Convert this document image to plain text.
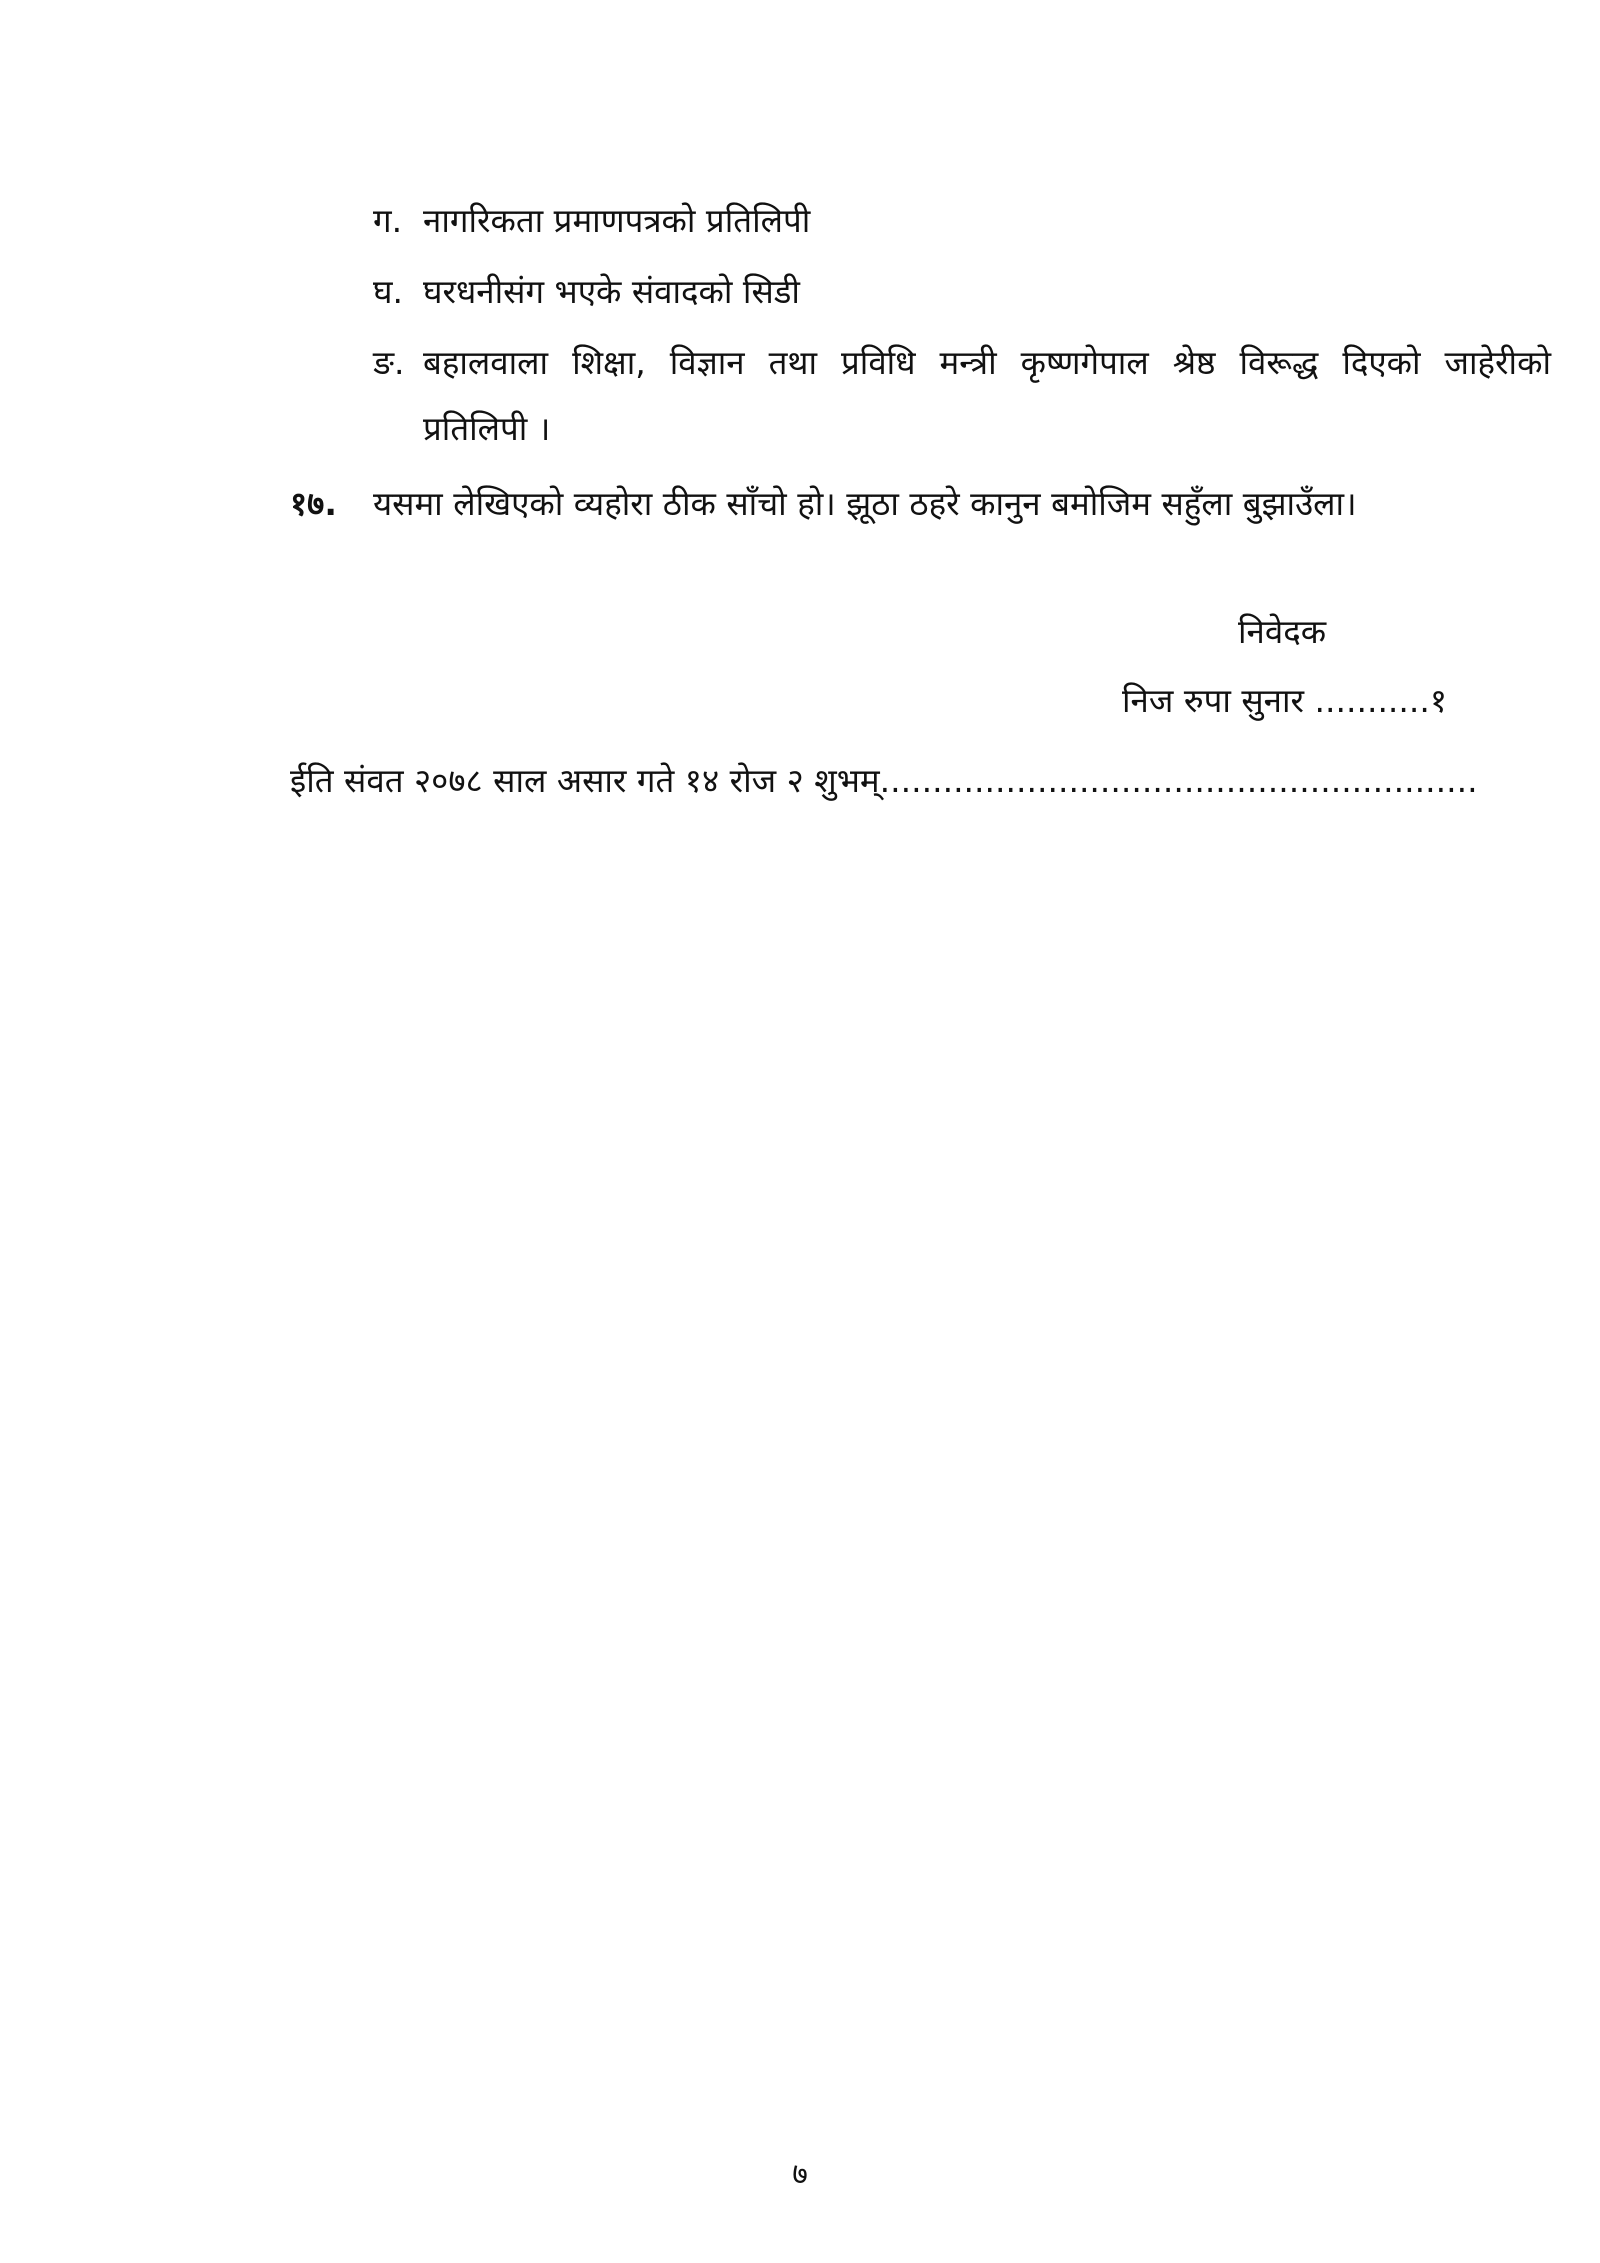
ग. नागरिकता प्रमाणपत्रको प्रतिलिपी
घ. घरधनीसंग भएके संवादको सिडी
ङ. बहालवाला शिक्षा, विज्ञान तथा प्रविधि मन्त्री कृष्णगेपाल श्रेष्ठ विरूद्ध दिएको जाहेरीको
प्रतिलिपी ।
१७. यसमा लेखिएको व्यहोरा ठीक साँचो हो। झूठा ठहरे कानुन बमोजिम सहुँला बुझाउँला।
निवेदक
निज रुपा सुनार ...........१
ईति संवत २०७८ साल असार गते १४ रोज २ शुभम्.........................................................
७
